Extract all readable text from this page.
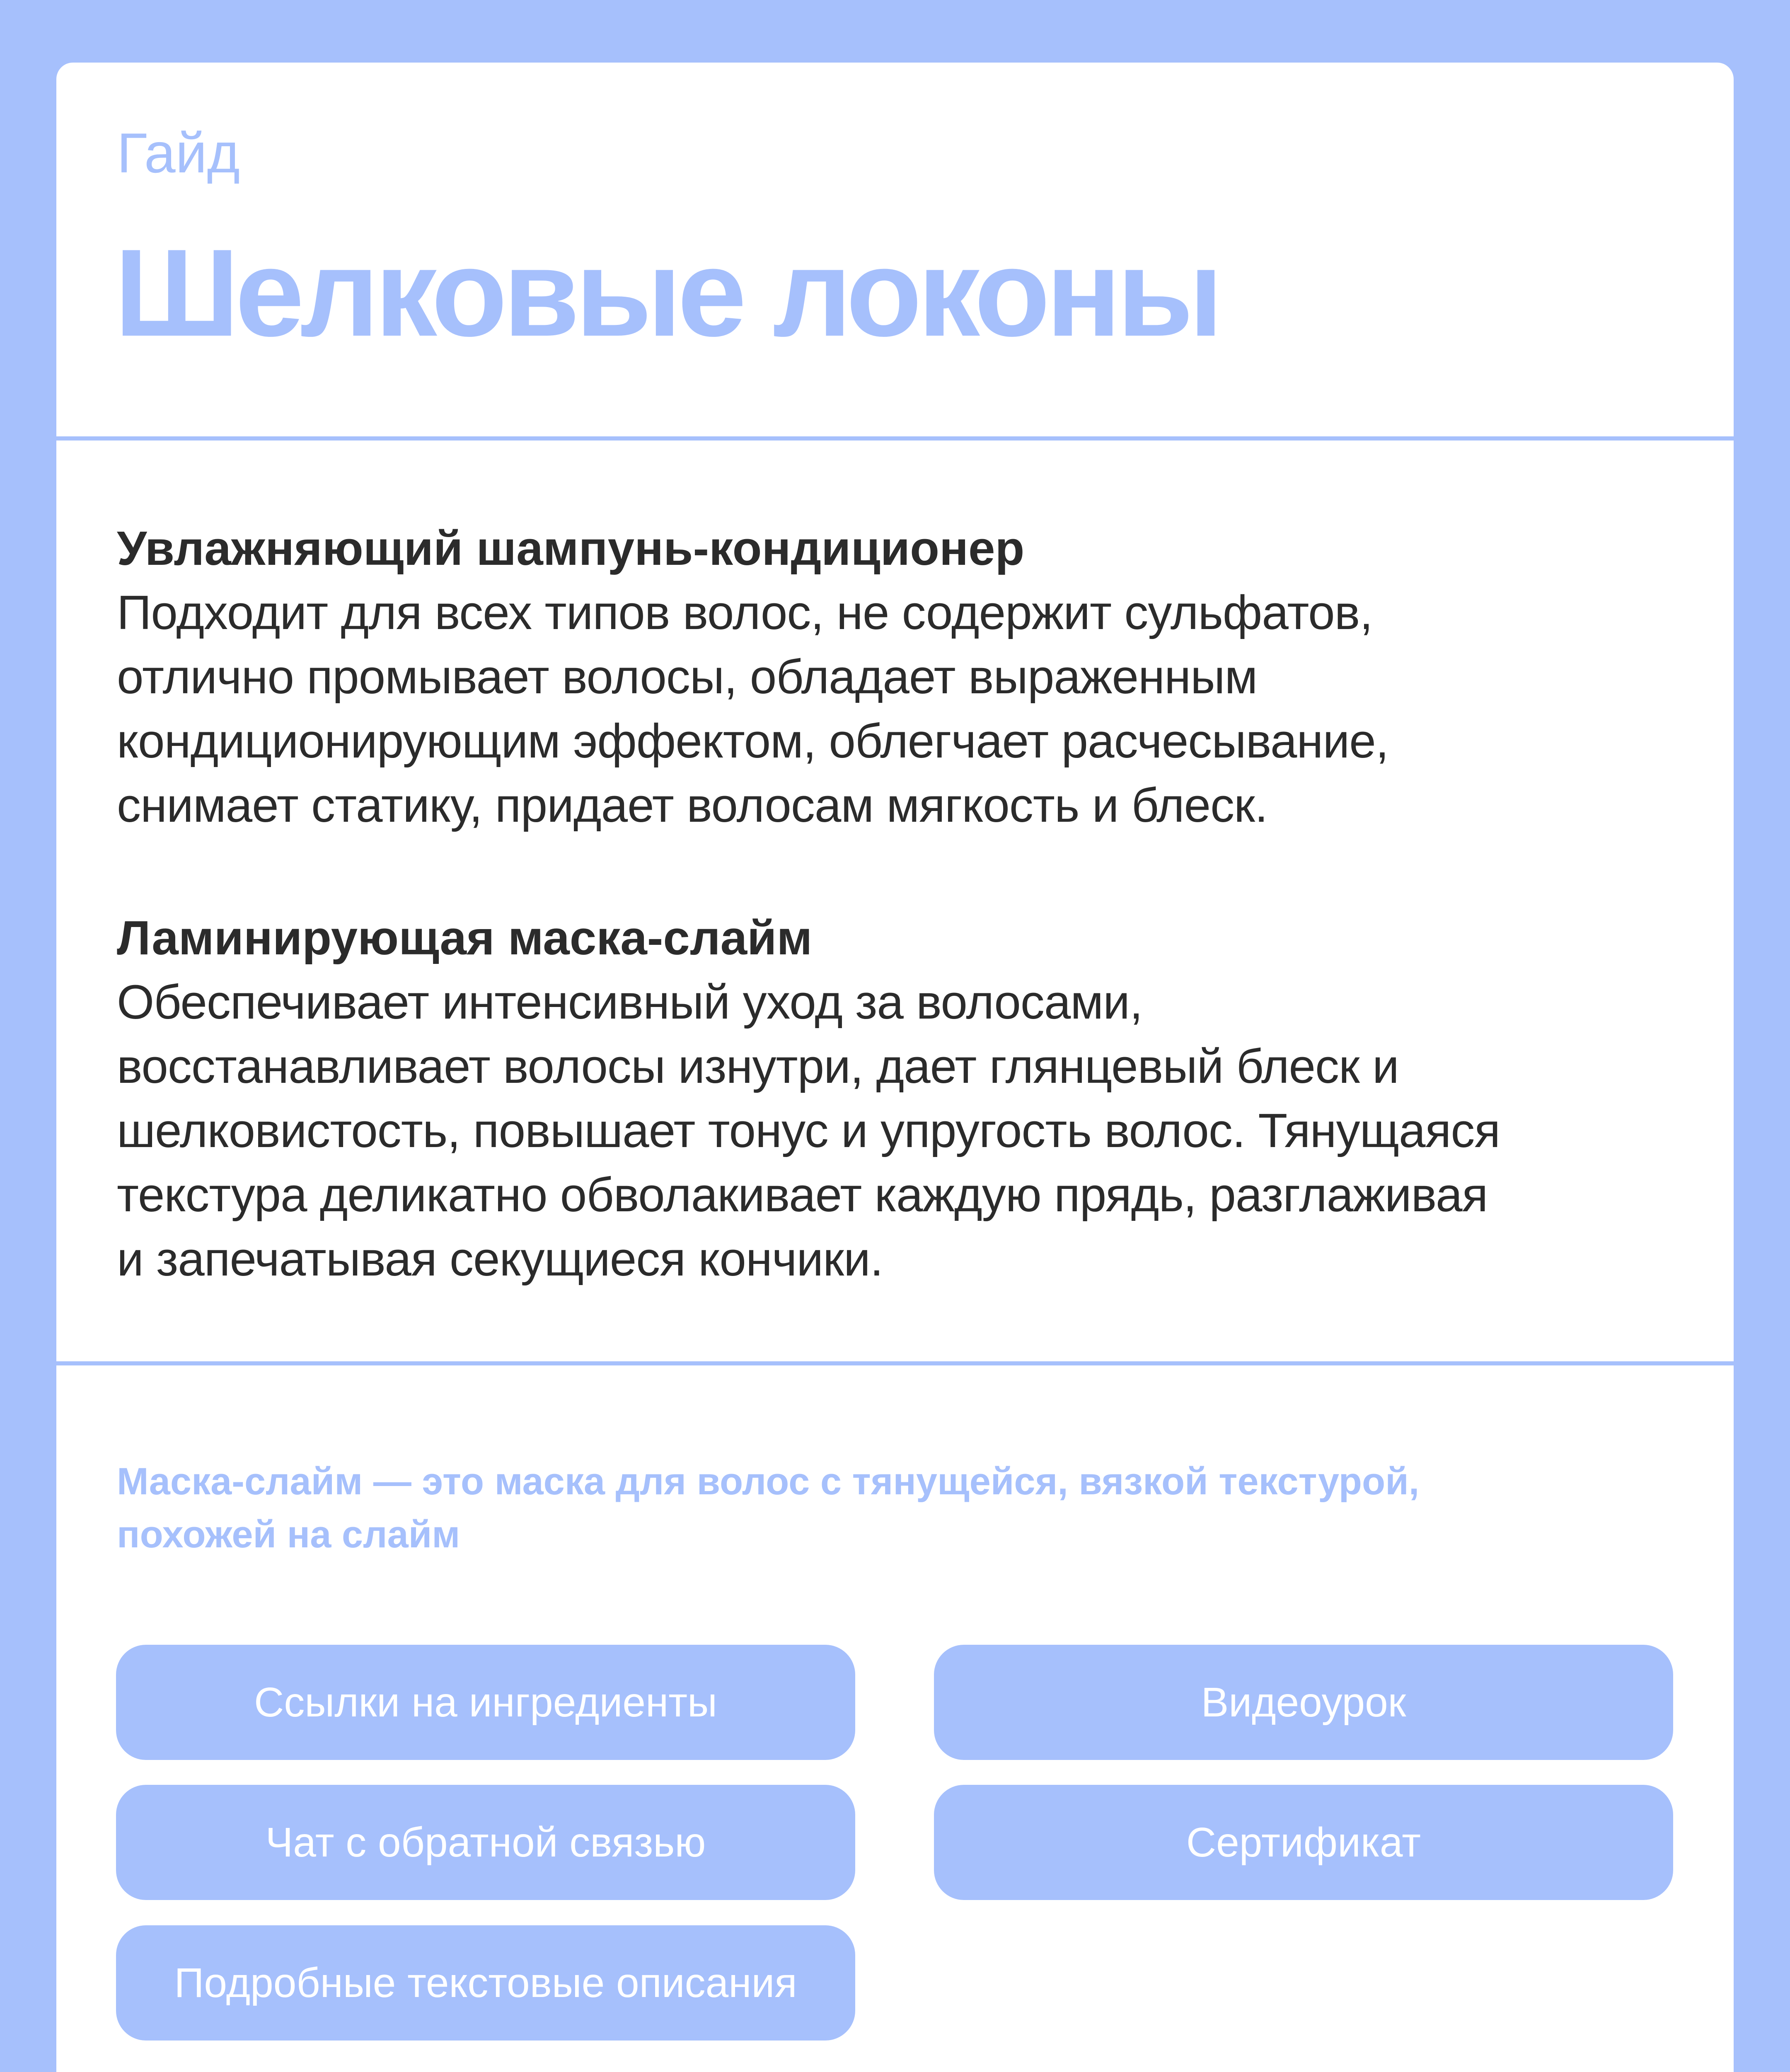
Гайд

Шелковые локоны

Увлажняющий шампунь-кондиционер

Подходит для всех типов волос, не содержит сульфатов,

отлично промывает волосы, обладает выраженным

кондиционирующим эффектом, облегчает расчесывание,

снимает статику, придает волосам мягкость и блеск.

Ламинирующая маска-слайм

Обеспечивает интенсивный уход за волосами,

восстанавливает волосы изнутри, дает глянцевый блеск и

шелковистость, повышает тонус и упругость волос. Тянущаяся

текстура деликатно обволакивает каждую прядь, разглаживая

и запечатывая секущиеся кончики.

Маска-слайм — это маска для волос с тянущейся, вязкой текстурой,
похожей на слайм
Ссылки на ингредиенты	Видеоурок
Чат с обратной связью	Сертификат
Подробные текстовые описания
